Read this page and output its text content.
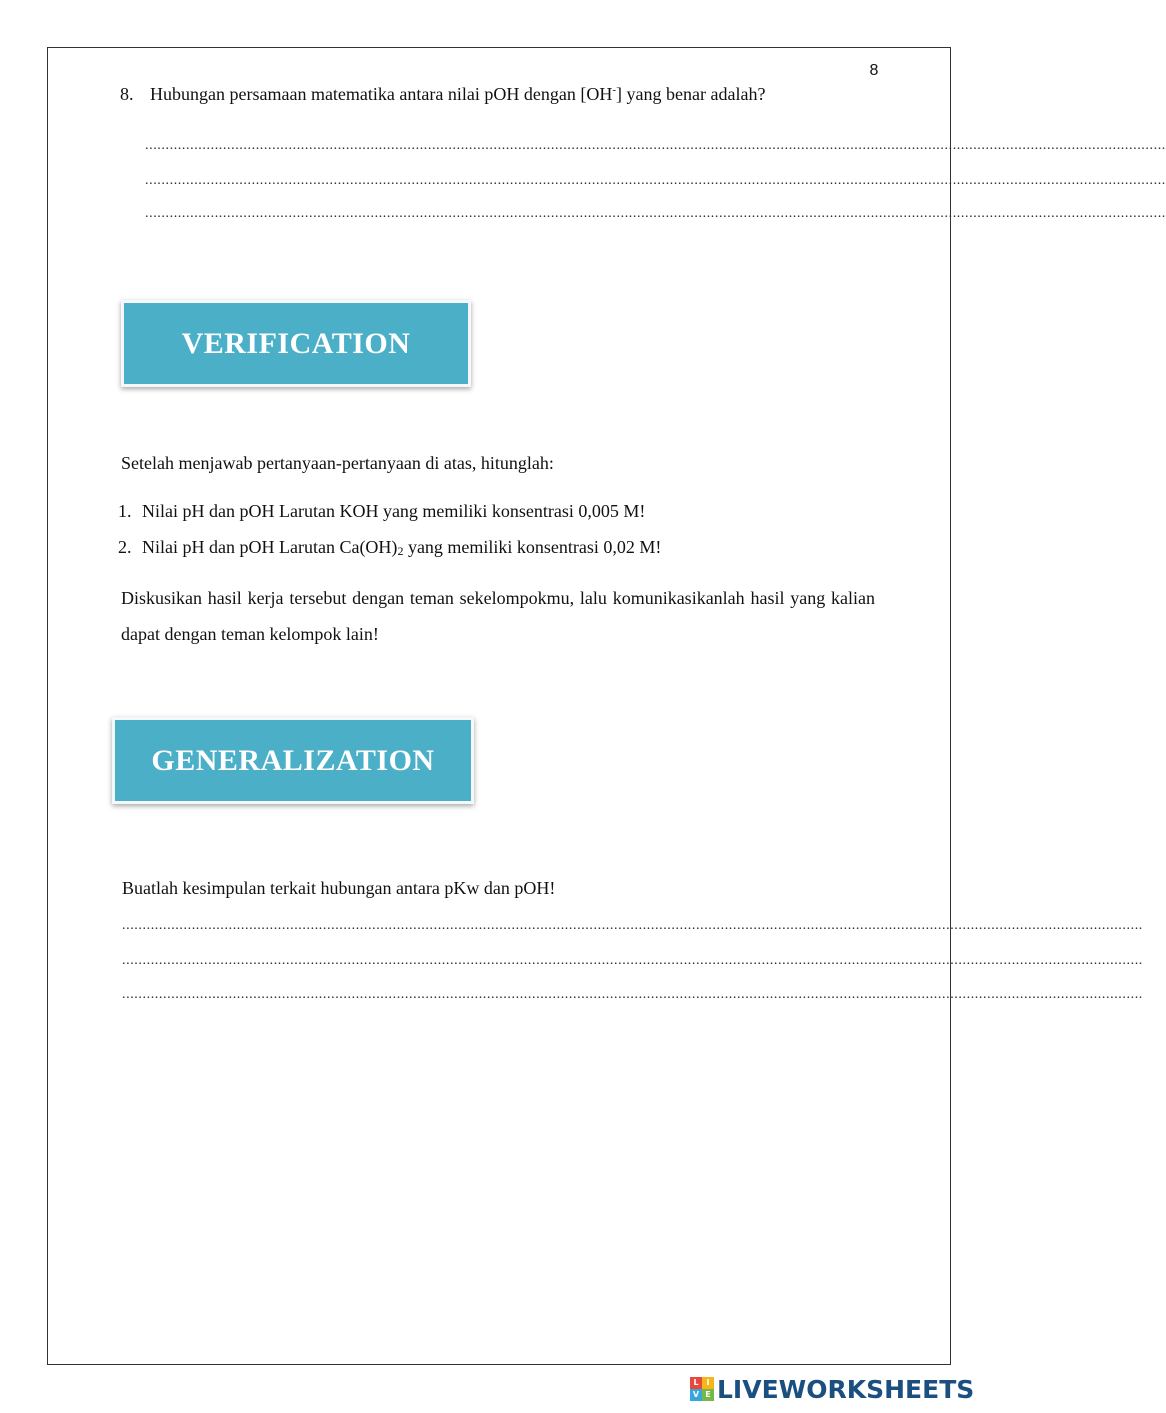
8
8. Hubungan persamaan matematika antara nilai pOH dengan [OH-] yang benar adalah?
.........................................................................................................................................................................................................................................................
.........................................................................................................................................................................................................................................................
.........................................................................................................................................................................................................................................................
VERIFICATION
Setelah menjawab pertanyaan-pertanyaan di atas, hitunglah:
1. Nilai pH dan pOH Larutan KOH yang memiliki konsentrasi 0,005 M!
2. Nilai pH dan pOH Larutan $Ca(OH)_2$ yang memiliki konsentrasi 0,02 M!
Diskusikan hasil kerja tersebut dengan teman sekelompokmu, lalu komunikasikanlah hasil yang kalian dapat dengan teman kelompok lain!
GENERALIZATION
Buatlah kesimpulan terkait hubungan antara pKw dan pOH!
.........................................................................................................................................................................................................................................................
.........................................................................................................................................................................................................................................................
.........................................................................................................................................................................................................................................................
L I
V E LIVEWORKSHEETS
